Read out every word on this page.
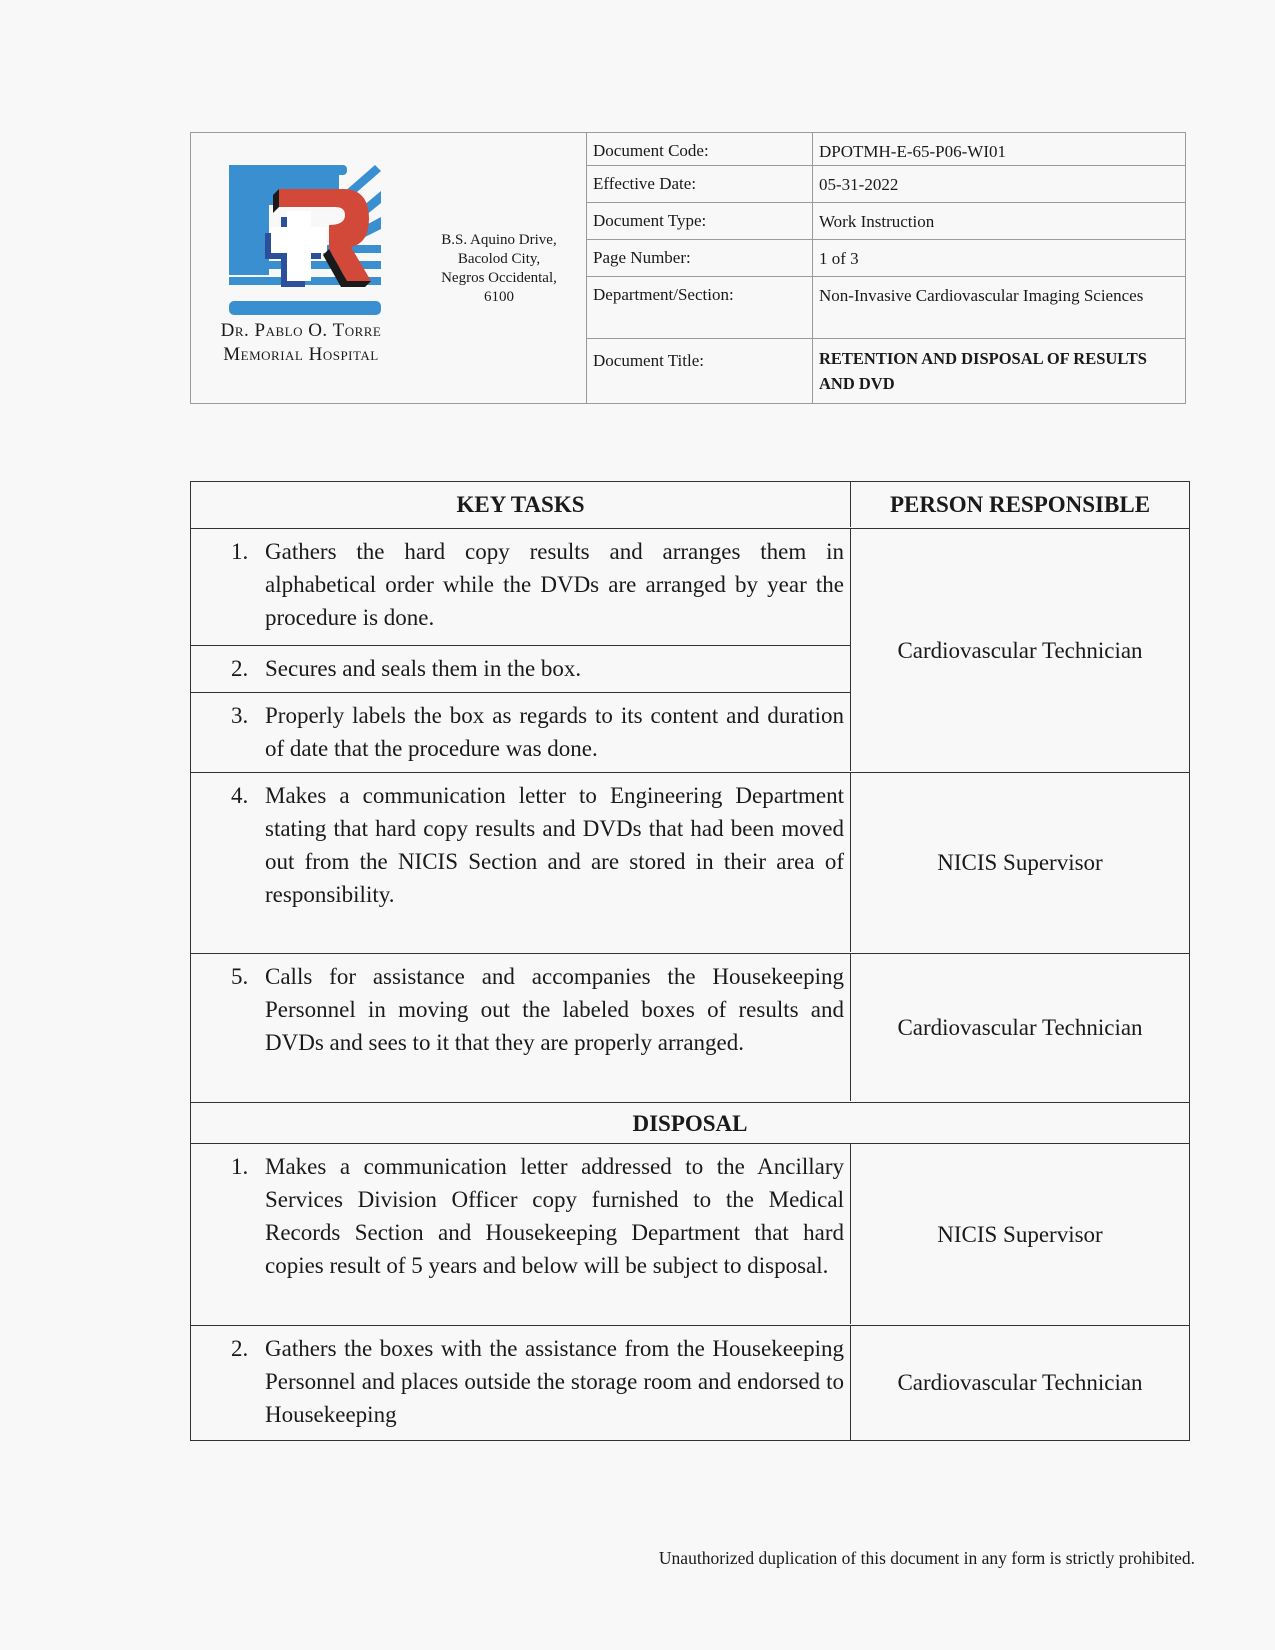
Dr. Pablo O. Torre
Memorial Hospital
B.S. Aquino Drive,
Bacolod City,
Negros Occidental,
6100
Document Code:	DPOTMH-E-65-P06-WI01
Effective Date:	05-31-2022
Document Type:	Work Instruction
Page Number:	1 of 3
Department/Section:	Non-Invasive Cardiovascular Imaging Sciences
Document Title:	RETENTION AND DISPOSAL OF RESULTS AND DVD
KEY TASKS	PERSON RESPONSIBLE
1. Gathers the hard copy results and arranges them in alphabetical order while the DVDs are arranged by year the procedure is done.
2. Secures and seals them in the box.
3. Properly labels the box as regards to its content and duration of date that the procedure was done.
Cardiovascular Technician
4. Makes a communication letter to Engineering Department stating that hard copy results and DVDs that had been moved out from the NICIS Section and are stored in their area of responsibility.
NICIS Supervisor
5. Calls for assistance and accompanies the Housekeeping Personnel in moving out the labeled boxes of results and DVDs and sees to it that they are properly arranged.
Cardiovascular Technician
DISPOSAL
1. Makes a communication letter addressed to the Ancillary Services Division Officer copy furnished to the Medical Records Section and Housekeeping Department that hard copies result of 5 years and below will be subject to disposal.
NICIS Supervisor
2. Gathers the boxes with the assistance from the Housekeeping Personnel and places outside the storage room and endorsed to Housekeeping
Cardiovascular Technician
Unauthorized duplication of this document in any form is strictly prohibited.
